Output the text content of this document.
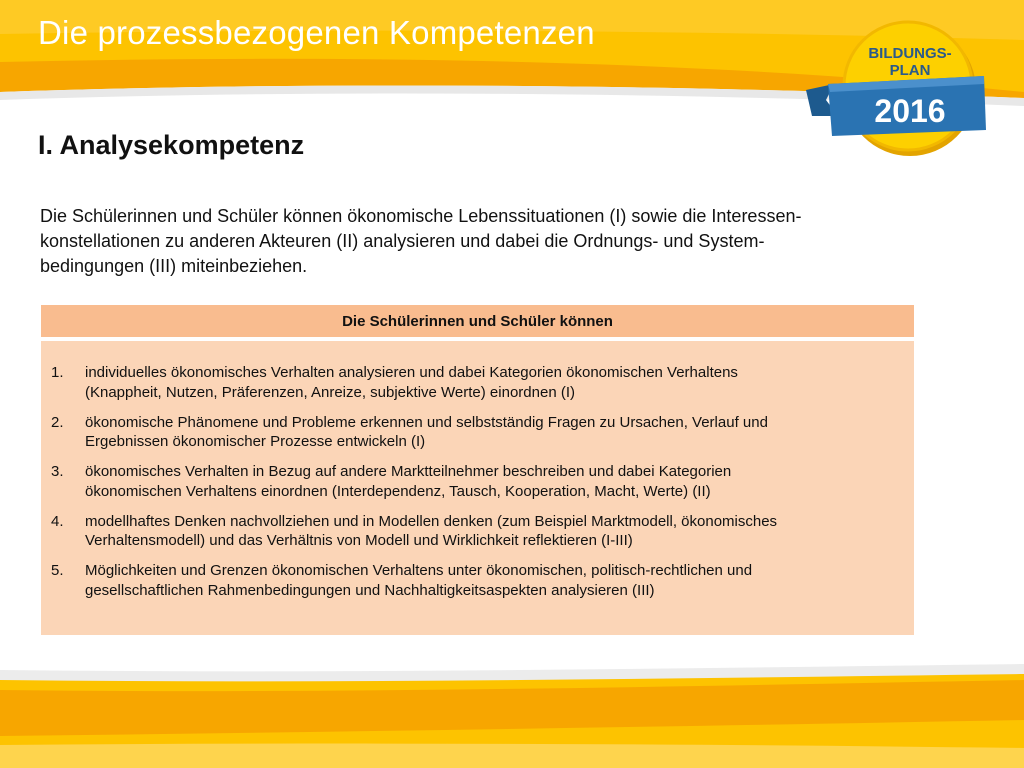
Die prozessbezogenen Kompetenzen
BILDUNGS-
PLAN
2016
I. Analysekompetenz

Die Schülerinnen und Schüler können ökonomische Lebenssituationen (I) sowie die Interessen-
konstellationen zu anderen Akteuren (II) analysieren und dabei die Ordnungs- und System-
bedingungen (III) miteinbeziehen.

Die Schülerinnen und Schüler können
1.	individuelles ökonomisches Verhalten analysieren und dabei Kategorien ökonomischen Verhaltens
(Knappheit, Nutzen, Präferenzen, Anreize, subjektive Werte) einordnen (I)
2.	ökonomische Phänomene und Probleme erkennen und selbstständig Fragen zu Ursachen, Verlauf und
Ergebnissen ökonomischer Prozesse entwickeln (I)
3.	ökonomisches Verhalten in Bezug auf andere Marktteilnehmer beschreiben und dabei Kategorien
ökonomischen Verhaltens einordnen (Interdependenz, Tausch, Kooperation, Macht, Werte) (II)
4.	modellhaftes Denken nachvollziehen und in Modellen denken (zum Beispiel Marktmodell, ökonomisches
Verhaltensmodell) und das Verhältnis von Modell und Wirklichkeit reflektieren (I-III)
5.	Möglichkeiten und Grenzen ökonomischen Verhaltens unter ökonomischen, politisch-rechtlichen und
gesellschaftlichen Rahmenbedingungen und Nachhaltigkeitsaspekten analysieren (III)
